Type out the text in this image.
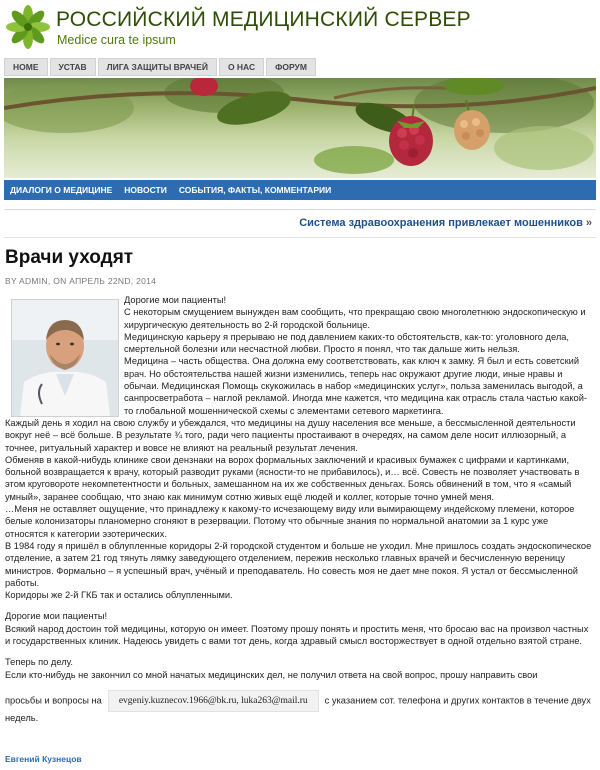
РОССИЙСКИЙ МЕДИЦИНСКИЙ СЕРВЕР
Medice cura te ipsum
HOME	УСТАВ	ЛИГА ЗАЩИТЫ ВРАЧЕЙ	О НАС	ФОРУМ
ДИАЛОГИ О МЕДИЦИНЕ	НОВОСТИ	СОБЫТИЯ, ФАКТЫ, КОММЕНТАРИИ
Система здравоохранения привлекает мошенников »
Врачи уходят
BY ADMIN, ON АПРЕЛЬ 22ND, 2014

Дорогие мои пациенты!

С некоторым смущением вынужден вам сообщить, что прекращаю свою многолетнюю эндоскопическую и хирургическую деятельность во 2-й городской больнице.

Медицинскую карьеру я прерываю не под давлением каких-то обстоятельств, как-то: уголовного дела, смертельной болезни или несчастной любви. Просто я понял, что так дальше жить нельзя.

Медицина – часть общества. Она должна ему соответствовать, как ключ к замку. Я был и есть советский врач. Но обстоятельства нашей жизни изменились, теперь нас окружают другие люди, иные нравы и обычаи. Медицинская Помощь скукожилась в набор «медицинских услуг», польза заменилась выгодой, а санпросветработа – наглой рекламой. Иногда мне кажется, что медицина как отрасль стала частью какой-то глобальной мошеннической схемы с элементами сетевого маркетинга.

Каждый день я ходил на свою службу и убеждался, что медицины на душу населения все меньше, а бессмысленной деятельности вокруг неё – всё больше. В результате ¾ того, ради чего пациенты простаивают в очередях, на самом деле носит иллюзорный, а точнее, ритуальный характер и вовсе не влияют на реальный результат лечения.

Обменяв в какой-нибудь клинике свои дензнаки на ворох формальных заключений и красивых бумажек с цифрами и картинками, больной возвращается к врачу, который разводит руками (ясности-то не прибавилось), и… всё. Совесть не позволяет участвовать в этом круговороте некомпетентности и больных, замешанном на их же собственных деньгах. Боясь обвинений в том, что я «самый умный», заранее сообщаю, что знаю как минимум сотню живых ещё людей и коллег, которые точно умней меня.

…Меня не оставляет ощущение, что принадлежу к какому-то исчезающему виду или вымирающему индейскому племени, которое белые колонизаторы планомерно сгоняют в резервации. Потому что обычные знания по нормальной анатомии за 1 курс уже относятся к категории эзотерических.

В 1984 году я пришёл в облупленные коридоры 2-й городской студентом и больше не уходил. Мне пришлось создать эндоскопическое отделение, а затем 21 год тянуть лямку заведующего отделением, пережив несколько главных врачей и бесчисленную вереницу министров. Формально – я успешный врач, учёный и преподаватель. Но совесть моя не дает мне покоя. Я устал от бессмысленной работы.

Коридоры же 2-й ГКБ так и остались облупленными.

Дорогие мои пациенты!

Всякий народ достоин той медицины, которую он имеет. Поэтому прошу понять и простить меня, что бросаю вас на произвол частных и государственных клиник. Надеюсь увидеть с вами тот день, когда здравый смысл восторжествует в одной отдельно взятой стране.

Теперь по делу.

Если кто-нибудь не закончил со мной начатых медицинских дел, не получил ответа на свой вопрос, прошу направить свои

просьбы и вопросы на evgeniy.kuznecov.1966@bk.ru, luka263@mail.ru с указанием сот. телефона и других контактов в течение двух недель.

Евгений Кузнецов
